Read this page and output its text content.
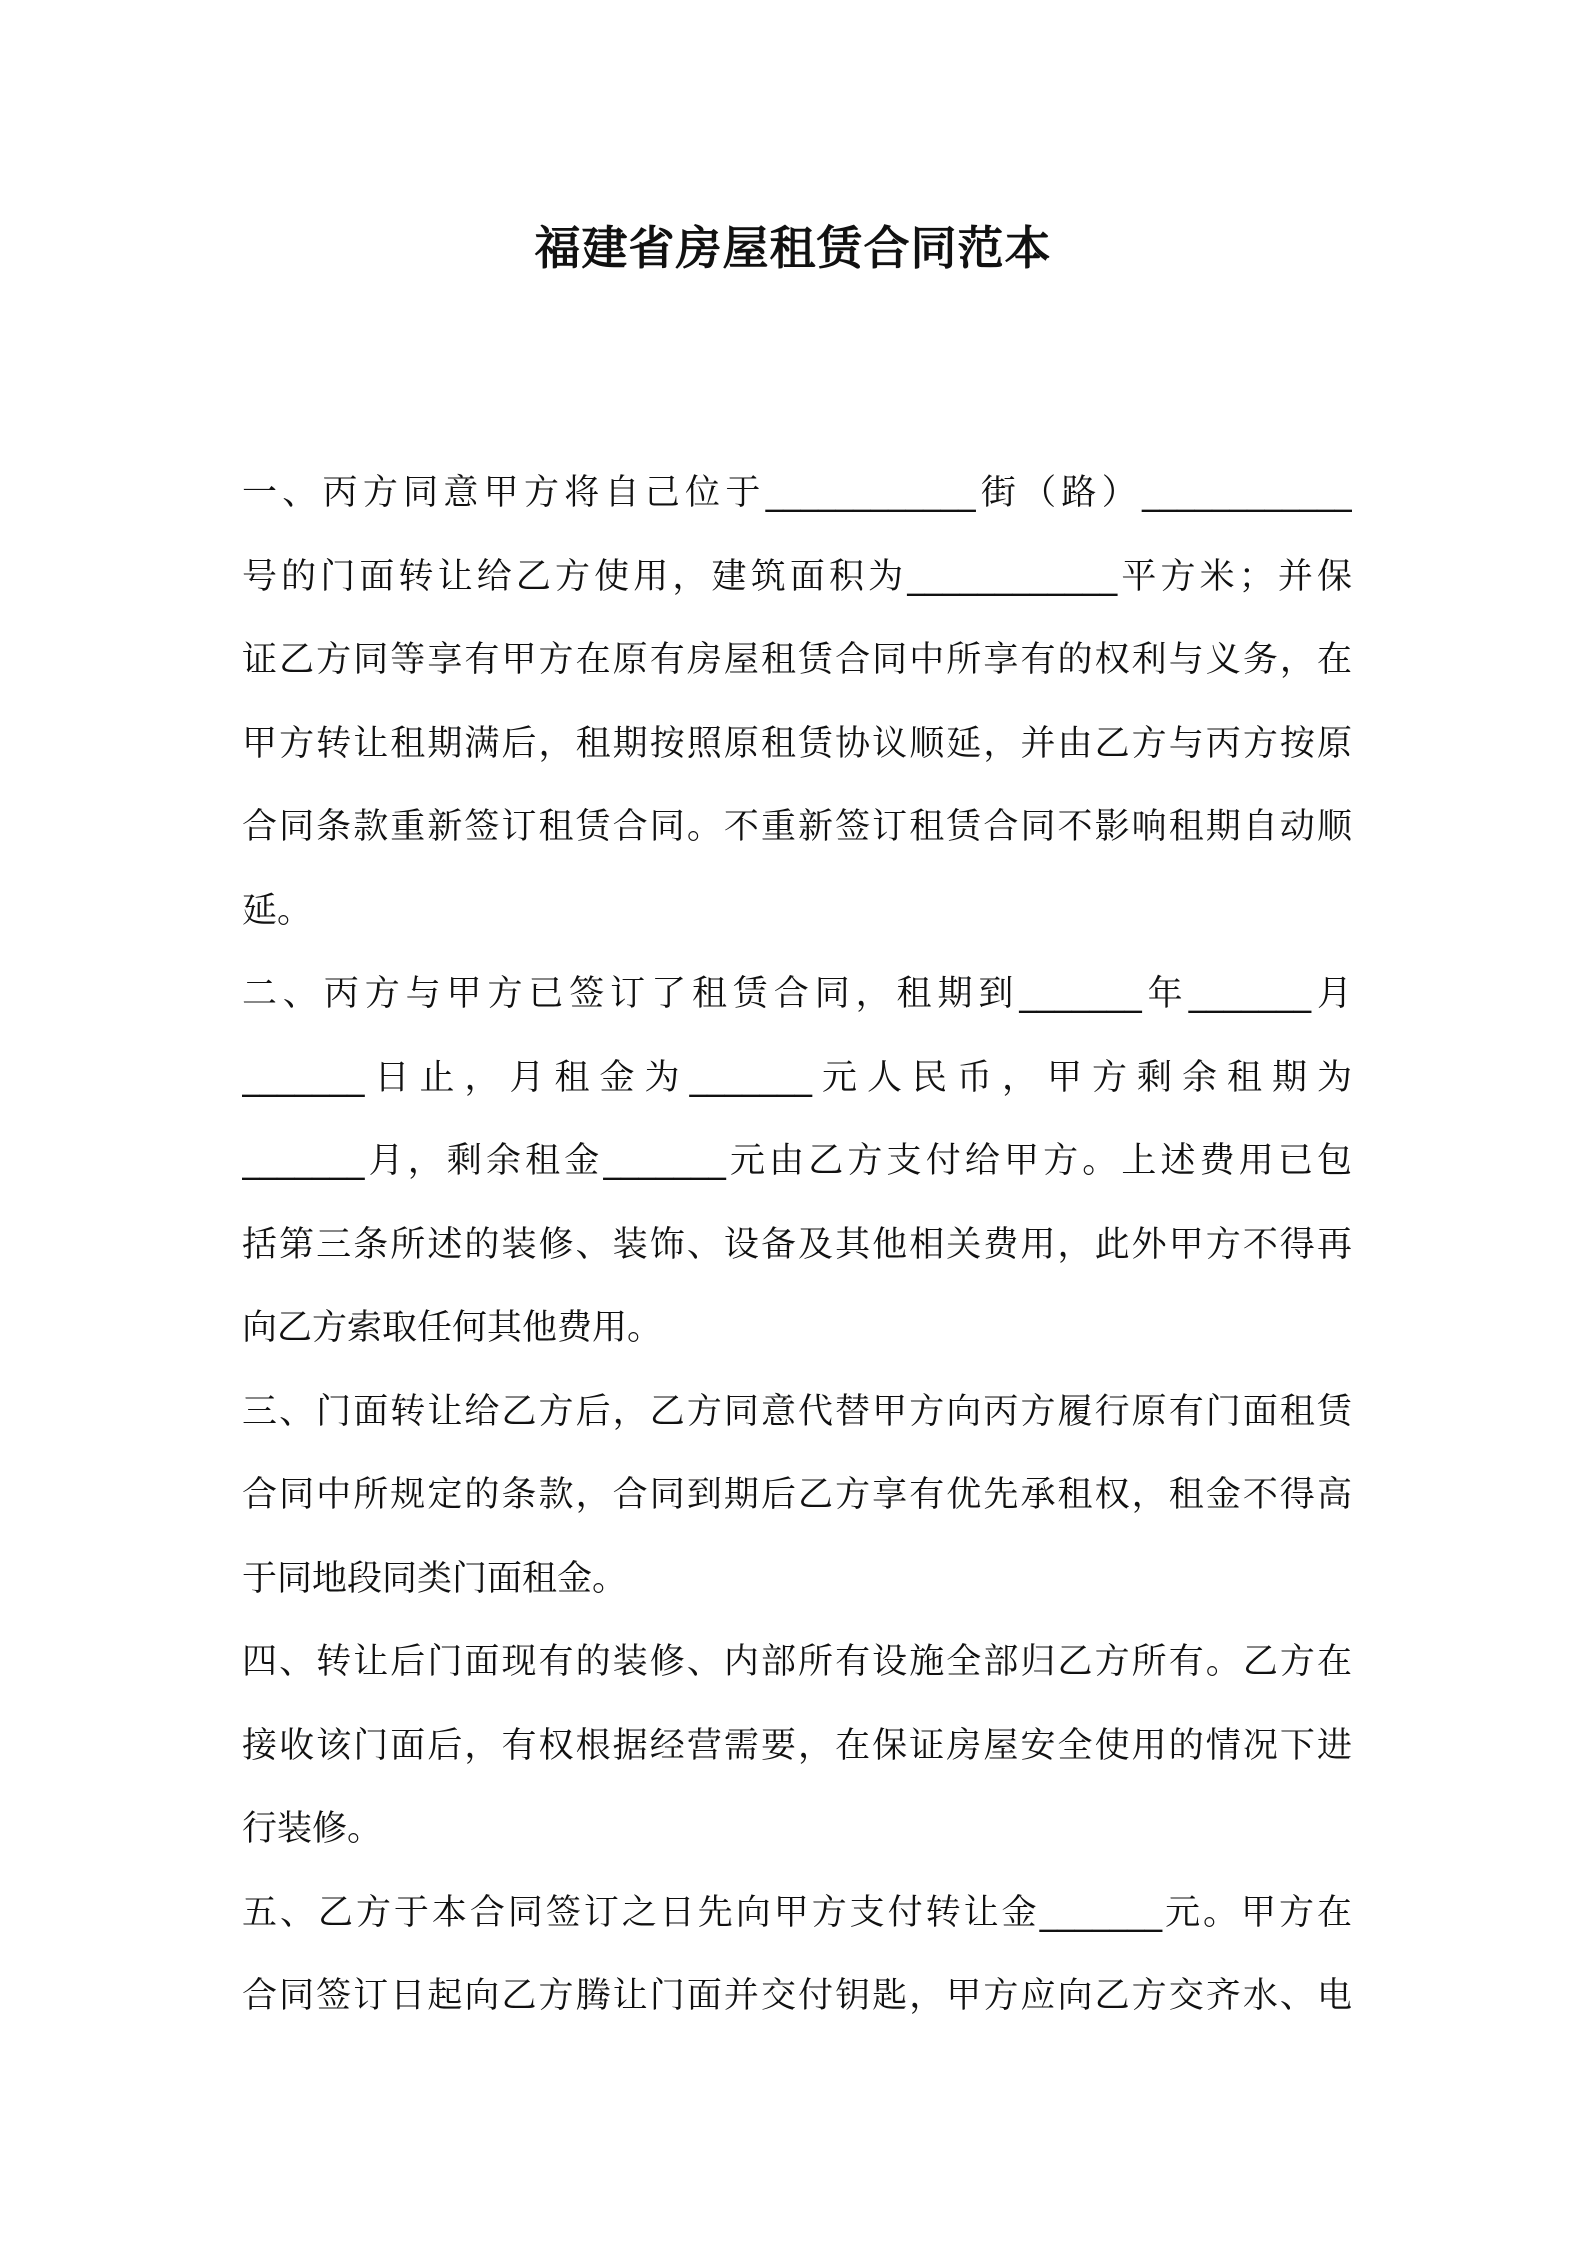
福建省房屋租赁合同范本
一、丙方同意甲方将自己位于____________街（路）____________
号的门面转让给乙方使用，建筑面积为____________平方米；并保
证乙方同等享有甲方在原有房屋租赁合同中所享有的权利与义务，在
甲方转让租期满后，租期按照原租赁协议顺延，并由乙方与丙方按原
合同条款重新签订租赁合同。不重新签订租赁合同不影响租期自动顺
延。
二、丙方与甲方已签订了租赁合同，租期到_______年_______月
_______日止，月租金为_______元人民币，甲方剩余租期为
_______月，剩余租金_______元由乙方支付给甲方。上述费用已包
括第三条所述的装修、装饰、设备及其他相关费用，此外甲方不得再
向乙方索取任何其他费用。
三、门面转让给乙方后，乙方同意代替甲方向丙方履行原有门面租赁
合同中所规定的条款，合同到期后乙方享有优先承租权，租金不得高
于同地段同类门面租金。
四、转让后门面现有的装修、内部所有设施全部归乙方所有。乙方在
接收该门面后，有权根据经营需要，在保证房屋安全使用的情况下进
行装修。
五、乙方于本合同签订之日先向甲方支付转让金_______元。甲方在
合同签订日起向乙方腾让门面并交付钥匙，甲方应向乙方交齐水、电
